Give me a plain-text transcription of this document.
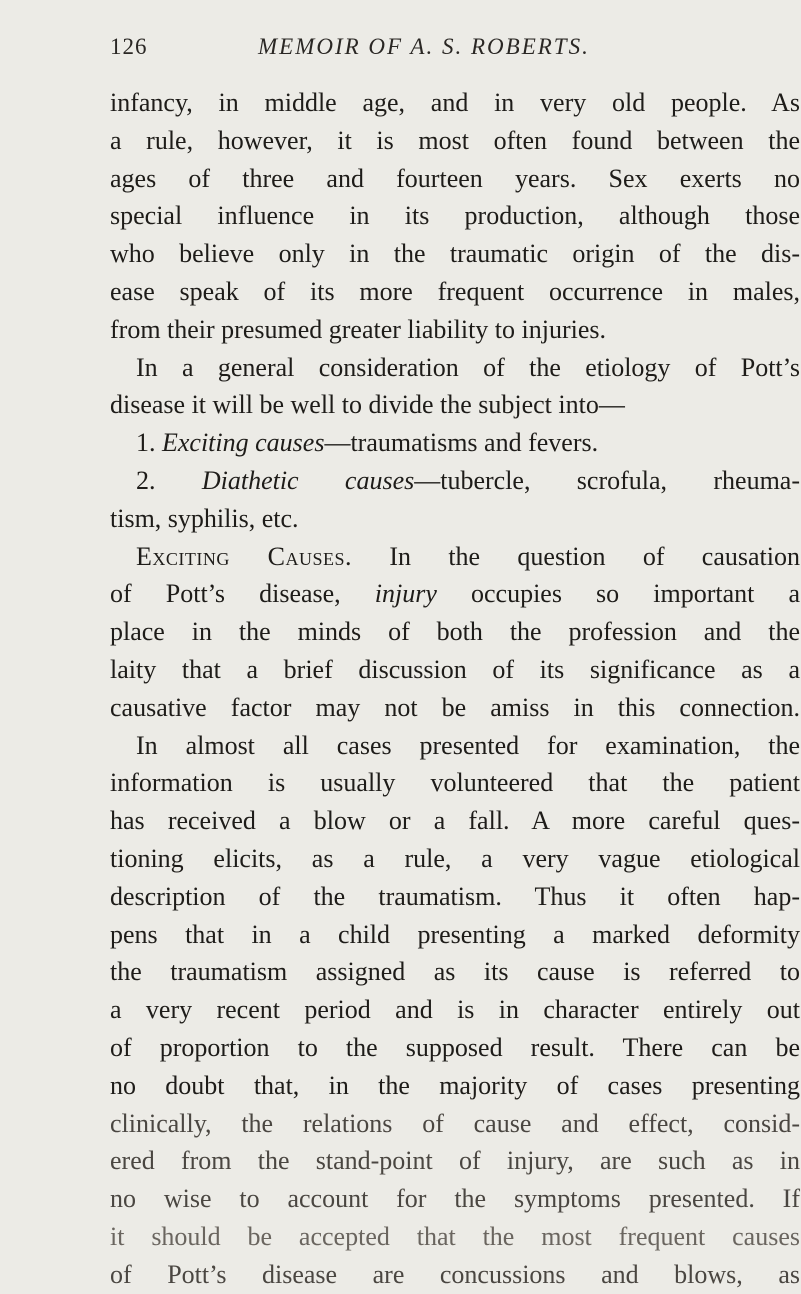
126	MEMOIR OF A. S. ROBERTS.
infancy, in middle age, and in very old people. As
a rule, however, it is most often found between the
ages of three and fourteen years. Sex exerts no
special influence in its production, although those
who believe only in the traumatic origin of the dis-
ease speak of its more frequent occurrence in males,
from their presumed greater liability to injuries.
In a general consideration of the etiology of Pott’s
disease it will be well to divide the subject into—
1. Exciting causes—traumatisms and fevers.
2. Diathetic causes—tubercle, scrofula, rheuma-
tism, syphilis, etc.
Exciting Causes. In the question of causation
of Pott’s disease, injury occupies so important a
place in the minds of both the profession and the
laity that a brief discussion of its significance as a
causative factor may not be amiss in this connection.
In almost all cases presented for examination, the
information is usually volunteered that the patient
has received a blow or a fall. A more careful ques-
tioning elicits, as a rule, a very vague etiological
description of the traumatism. Thus it often hap-
pens that in a child presenting a marked deformity
the traumatism assigned as its cause is referred to
a very recent period and is in character entirely out
of proportion to the supposed result. There can be
no doubt that, in the majority of cases presenting
clinically, the relations of cause and effect, consid-
ered from the stand-point of injury, are such as in
no wise to account for the symptoms presented. If
it should be accepted that the most frequent causes
of Pott’s disease are concussions and blows, as
